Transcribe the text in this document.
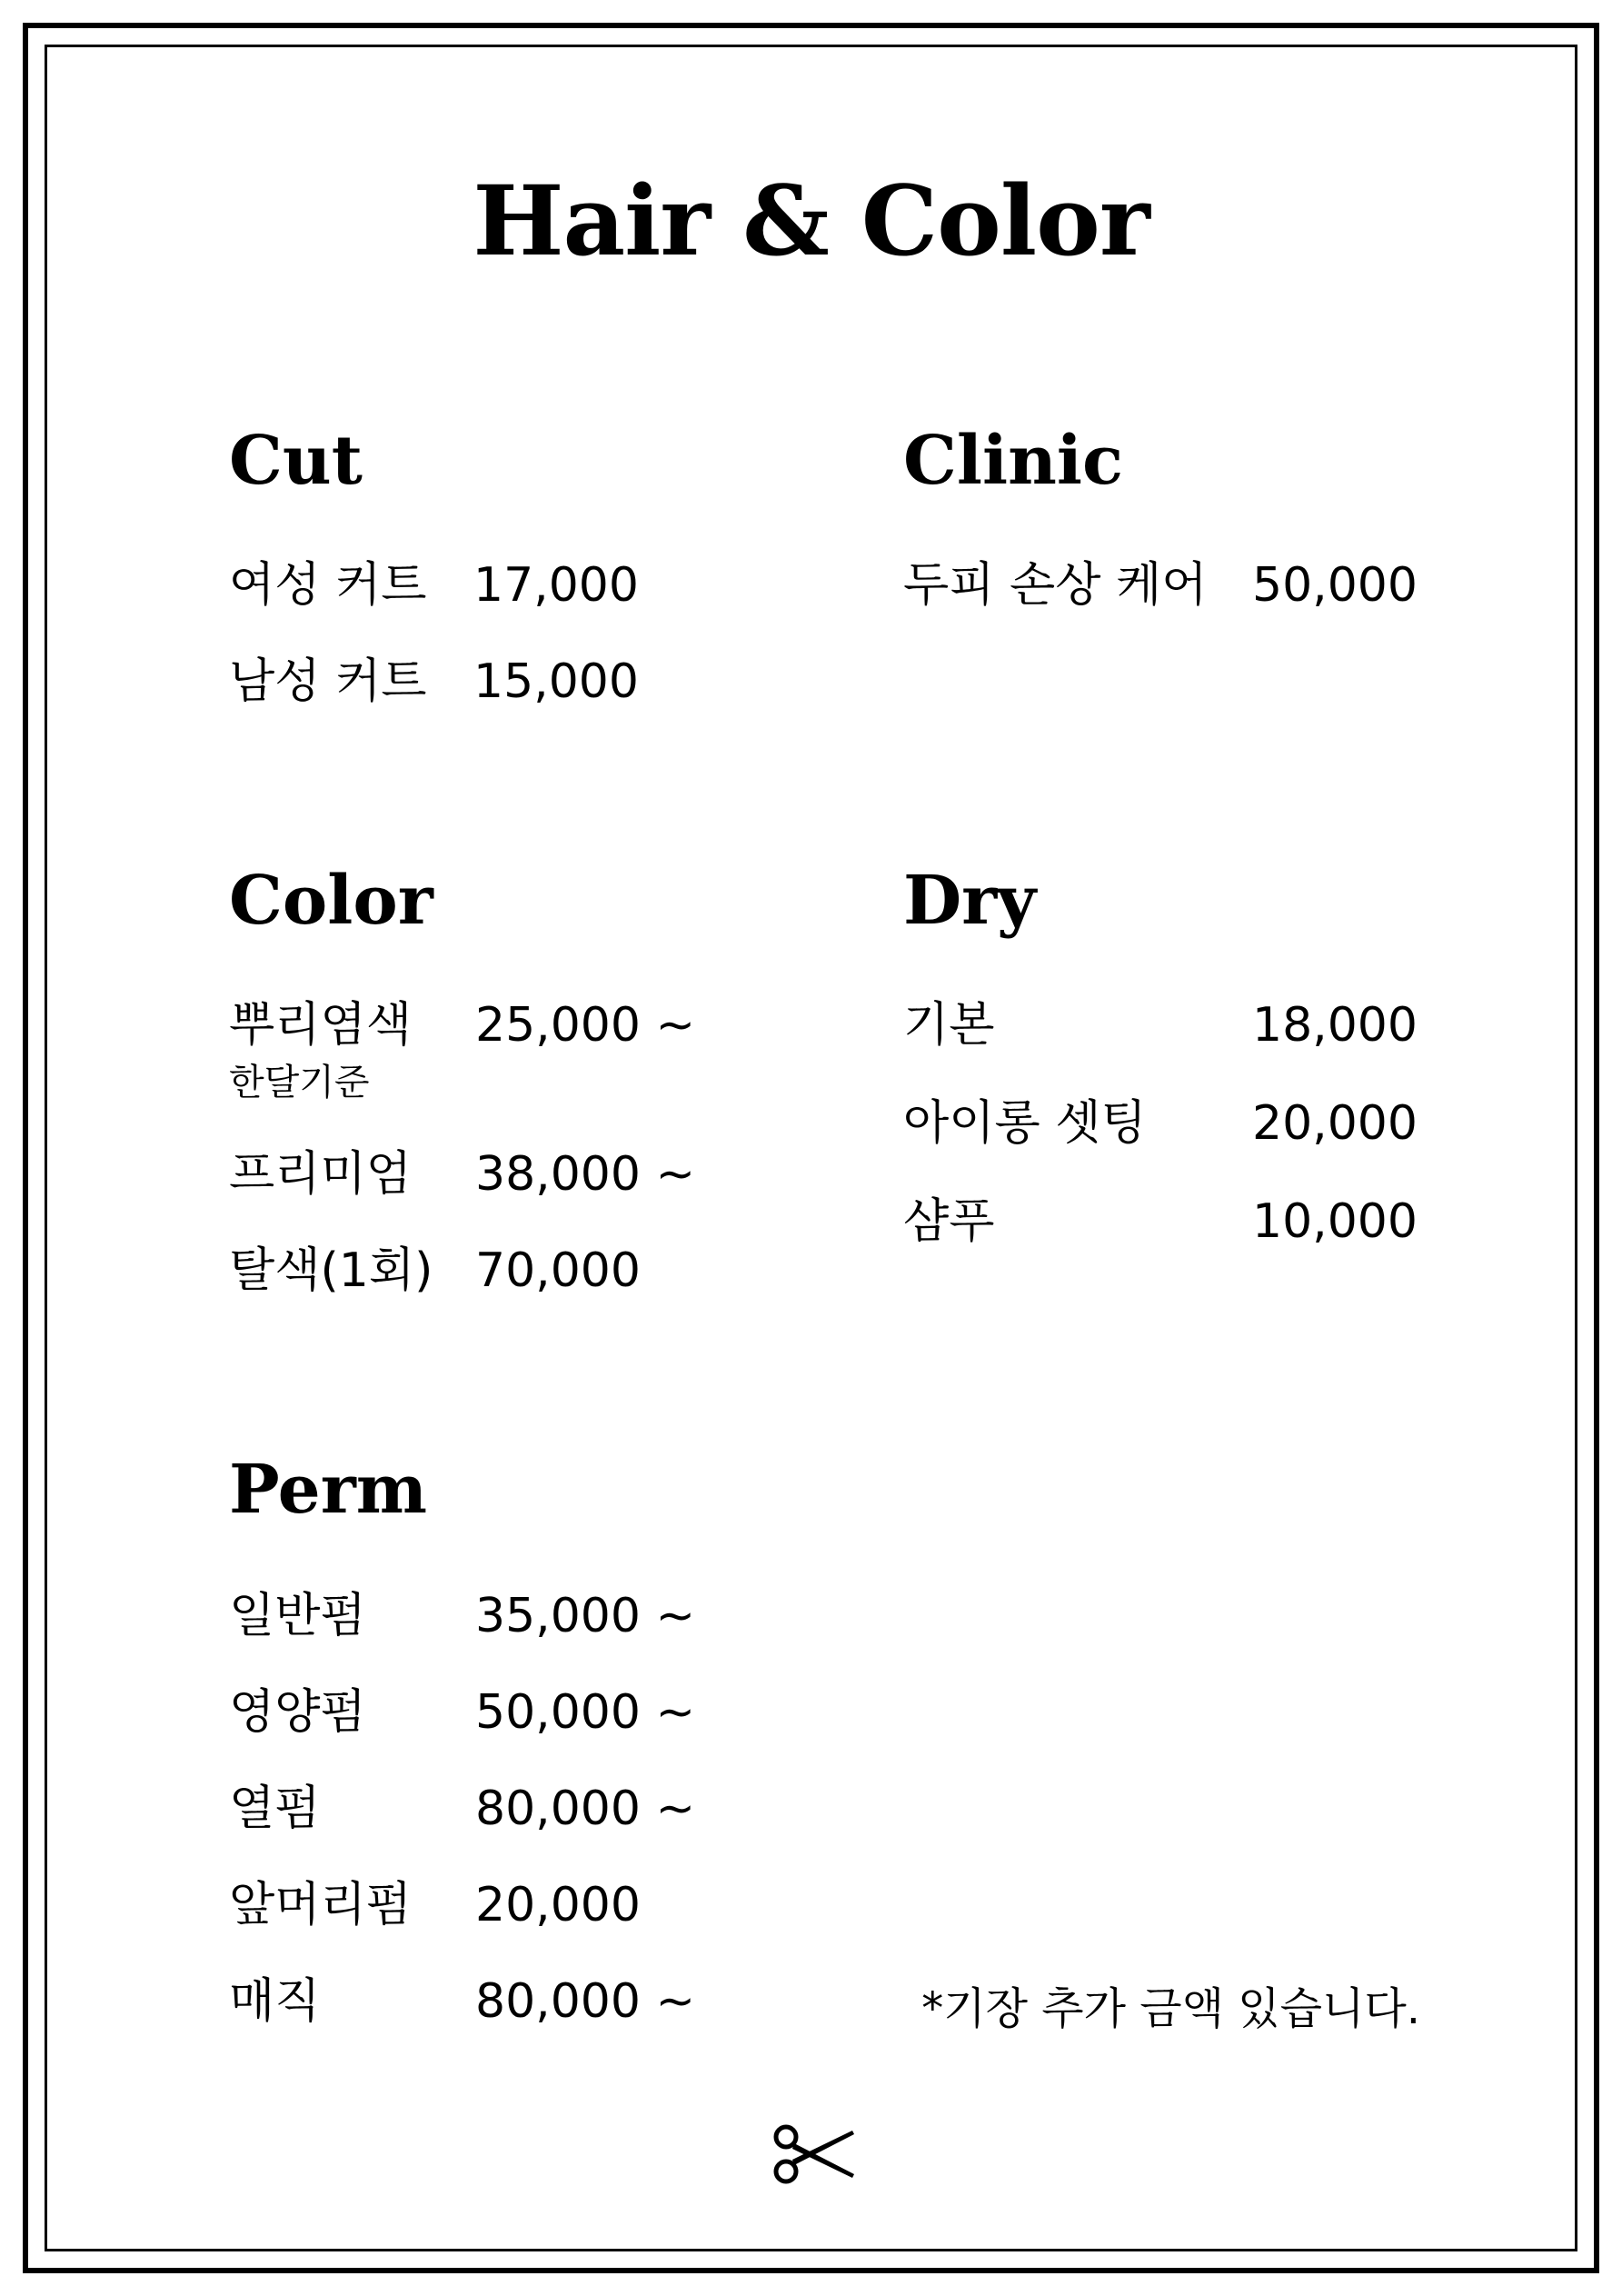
Hair & Color
Cut
여성 커트 17,000
남성 커트 15,000
Clinic
두피 손상 케어 50,000
Color
뿌리염색 25,000 ~
한달기준
프리미엄 38,000 ~
탈색(1회) 70,000
Dry
기본	18,000
아이롱 셋팅 20,000
샴푸	10,000
Perm
일반펌 35,000 ~
영양펌 50,000 ~
열펌	80,000 ~
앞머리펌 20,000
매직	80,000 ~	*기장 추가 금액 있습니다.
